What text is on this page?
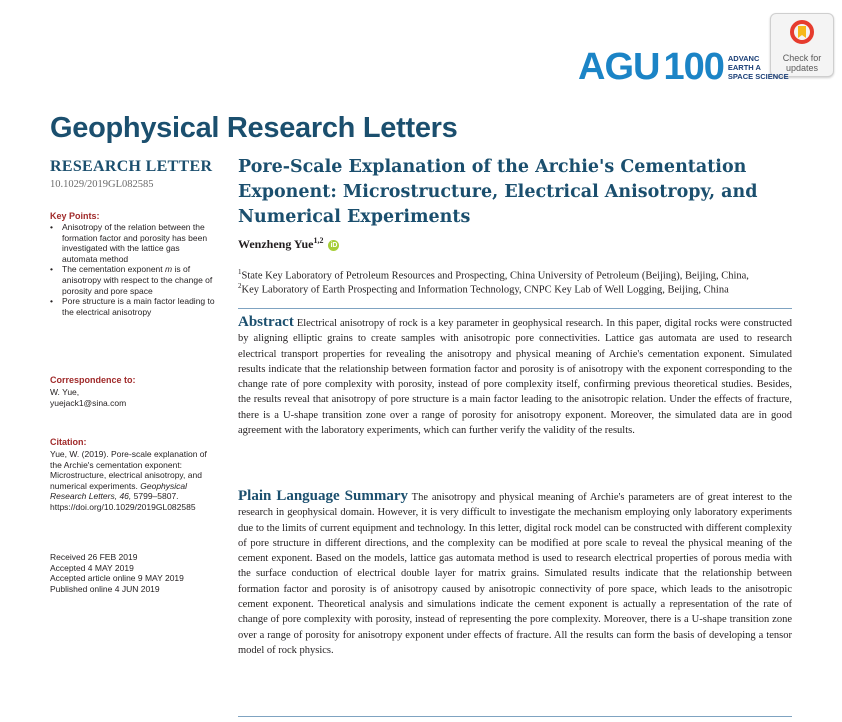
Check for
updates
AGU 100 ADVANC
EARTH A
SPACE SCIENCE
Geophysical Research Letters
RESEARCH LETTER
10.1029/2019GL082585
Key Points:
• Anisotropy of the relation between the formation factor and porosity has been investigated with the lattice gas automata method
• The cementation exponent m is of anisotropy with respect to the change of porosity and pore space
• Pore structure is a main factor leading to the electrical anisotropy
Correspondence to:
W. Yue,
yuejack1@sina.com
Citation:
Yue, W. (2019). Pore-scale explanation of the Archie's cementation exponent: Microstructure, electrical anisotropy, and numerical experiments. Geophysical Research Letters, 46, 5799–5807. https://doi.org/10.1029/2019GL082585
Received 26 FEB 2019
Accepted 4 MAY 2019
Accepted article online 9 MAY 2019
Published online 4 JUN 2019
Pore-Scale Explanation of the Archie's Cementation Exponent: Microstructure, Electrical Anisotropy, and Numerical Experiments
Wenzheng Yue$^{1,2}$ iD
$^1$State Key Laboratory of Petroleum Resources and Prospecting, China University of Petroleum (Beijing), Beijing, China,
$^2$Key Laboratory of Earth Prospecting and Information Technology, CNPC Key Lab of Well Logging, Beijing, China
Abstract Electrical anisotropy of rock is a key parameter in geophysical research. In this paper, digital rocks were constructed by aligning elliptic grains to create samples with anisotropic pore connectivities. Lattice gas automata are used to research electrical transport properties for revealing the anisotropy and physical meaning of Archie's cementation exponent. Simulated results indicate that the relationship between formation factor and porosity is of anisotropy with the exponent corresponding to the change rate of pore complexity with porosity, instead of pore complexity itself, confirming previous theoretical studies. Besides, the results reveal that anisotropy of pore structure is a main factor leading to the anisotropic relation. Under the effects of fracture, there is a U-shape transition zone over a range of porosity for anisotropy exponent. Moreover, the simulated data are in good agreement with the laboratory experiments, which can further verify the validity of the results.
Plain Language Summary The anisotropy and physical meaning of Archie's parameters are of great interest to the research in geophysical domain. However, it is very difficult to investigate the mechanism employing only laboratory experiments due to the limits of current equipment and technology. In this letter, digital rock model can be constructed with different complexity of pore structure in different directions, and the complexity can be modified at pore scale to reveal the physical meaning of the cement exponent. Based on the models, lattice gas automata method is used to research electrical properties of porous media with the surface conduction of electrical double layer for matrix grains. Simulated results indicate that the relationship between formation factor and porosity is of anisotropy caused by anisotropic connectivity of pore space, which leads to the anisotropic cement exponent. Theoretical analysis and simulations indicate the cement exponent is actually a representation of the rate of change of pore complexity with porosity, instead of representing the pore complexity. Moreover, there is a U-shape transition zone over a range of porosity for anisotropy exponent under effects of fracture. All the results can form the basis of developing a tensor model of rock physics.
